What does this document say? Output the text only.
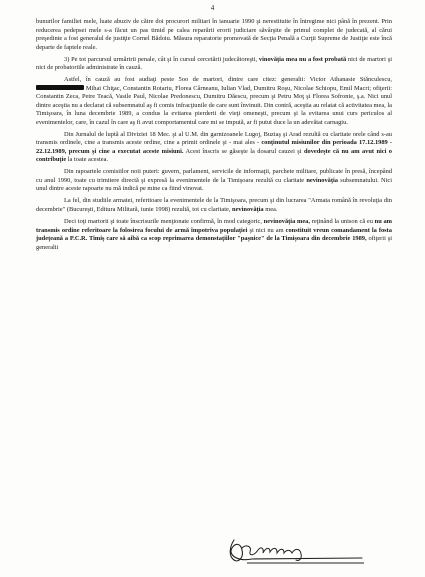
4

bunurilor familiei mele, luate abuziv de către doi procurori militari în ianuarie 1990 şi nerestituite în întregime nici până în prezent. Prin reducerea pedepsei mele s-a făcut un pas timid pe calea reparării erorii judiciare săvârşite de primul complet de judecată, al cărui preşedinte a fost generalul de justiţie Cornel Bădoiu. Măsura reparatorie promovată de Secţia Penală a Curţii Supreme de Justiţie este încă departe de faptele reale.

3) Pe tot parcursul urmăririi penale, cât şi în cursul cercetării judecătoreşti, vinovăţia mea nu a fost probată nici de martori şi nici de probatoriile administrate în cauză.

Astfel, în cauză au fost audiaţi peste 5oo de martori, dintre care citez: generalii: Victor Athanasie Stănculescu,  Mihai Chiţac, Constantin Rotariu, Florea Cârneanu, Iulian Vlad, Dumitru Roşu, Nicolae Schiopu, Emil Macri; ofiţerii: Constantin Zeca, Petre Teacă, Vasile Paul, Nicolae Predonescu, Dumitru Dăescu, precum şi Petru Moţ şi Florea Sofronie, ş.a. Nici unul dintre aceştia nu a declarat că subsemnatul aş fi comis infracţiunile de care sunt învinuit. Din contră, aceştia au relatat că activitatea mea, la Timişoara, în luna decembrie 1989, a condus la evitarea pierderii de vieţi omeneşti, precum şi la evitarea unui curs periculos al evenimentelor, care, în cazul în care aş fi avut comportamentul care mi se impută, ar fi putut duce la un adevătat carnagiu.

Din Jurnalul de luptă al Diviziei 18 Mec. şi al U.M. din garnizoanele Lugoj, Buziaş şi Arad rezultă cu claritate orele când s-au transmis ordinele, cine a transmis aceste ordine, cine a primit ordinele şi - mai ales - conţinutul misiunilor din perioada 17.12.1989 - 22.12.1989, precum şi cine a executat aceste misiuni. Acest înscris se găseşte la dosarul cauzei şi dovedeşte că nu am avut nici o contribuţie la toate acestea.

Din rapoartele comisiilor noii puteri: guvern, parlament, servicile de informaţii, parchete militare, publicate în presă, începând cu anul 1990, toate cu trimitere directă şi expresă la evenimentele de la Timişoara rezultă cu claritate nevinovăţia subsemnatului. Nici unul dintre aceste rapoarte nu mă indică pe mine ca fiind vinovat.

La fel, din studiile armatei, referitoare la evenimentele de la Timişoara, precum şi din lucrarea "Armata română în revoluţia din decembrie" (Bucureşti, Editura Militară, iunie 1998) rezultă, tot cu claritate, nevinovăţia mea.

Deci toţi martorii şi toate înscrisurile menţionate confirmă, în mod categoric, nevinovăţia mea, reţinând la unison că eu nu am transmis ordine referitoare la folosirea focului de armă împotriva populaţiei şi nici nu am constituit vreun comandament la fosta judeţeană a P.C.R. Timiş care să aibă ca scop reprimarea demonstaţiilor "paşnice" de la Timişoara din decembrie 1989, ofiţerii şi generalii
